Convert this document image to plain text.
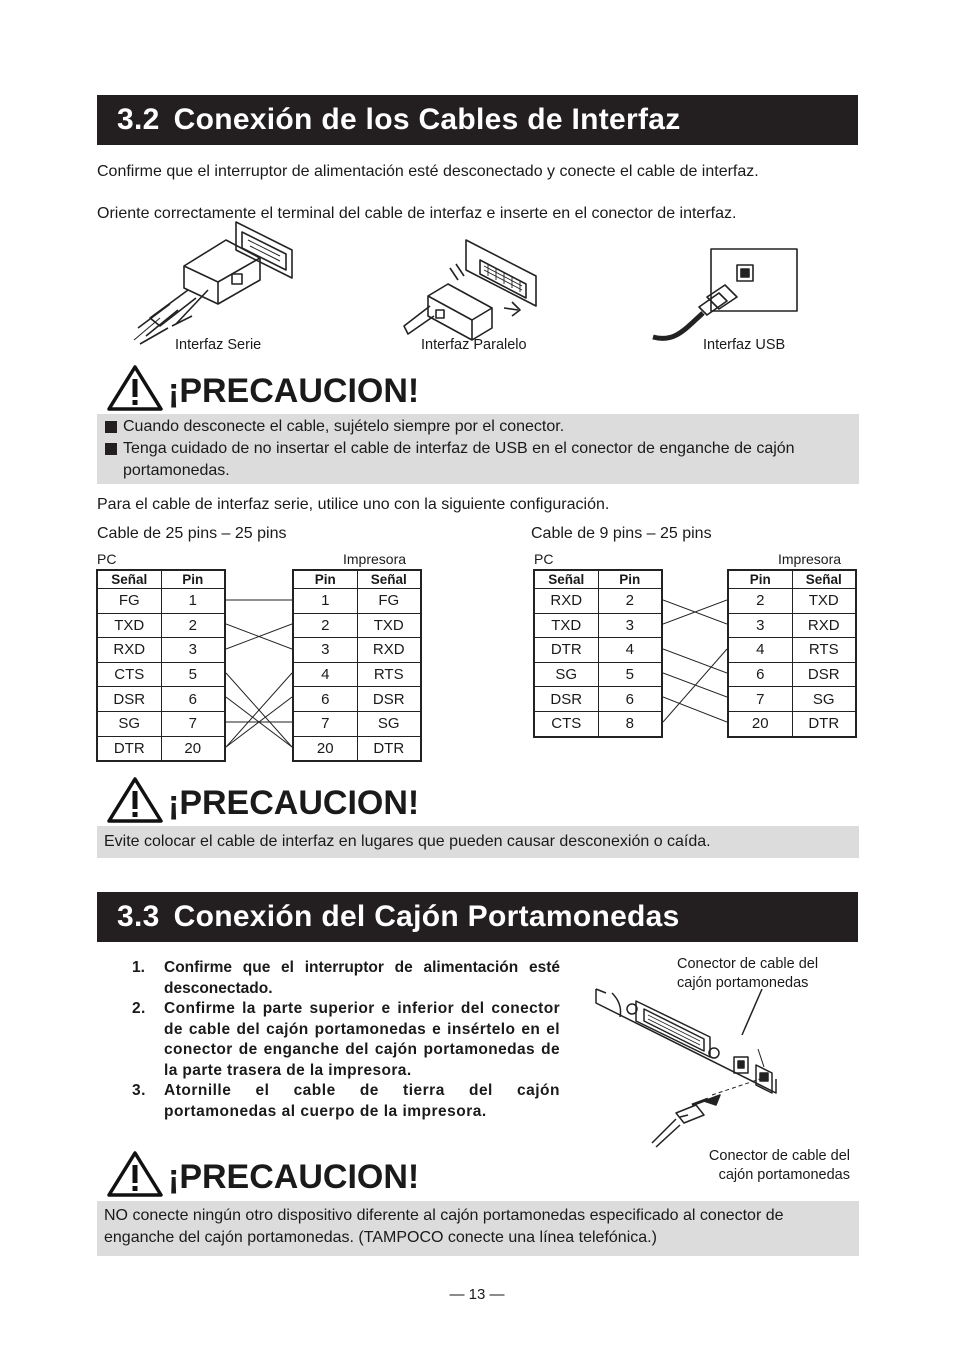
3.2 Conexión de los Cables de Interfaz
Confirme que el interruptor de alimentación esté desconectado y conecte el cable de interfaz.
Oriente correctamente el terminal del cable de interfaz e inserte en el conector de interfaz.
Interfaz Serie	Interfaz Paralelo	Interfaz USB
¡PRECAUCION!
Cuando desconecte el cable, sujételo siempre por el conector.
Tenga cuidado de no insertar el cable de interfaz de USB en el conector de enganche de cajón portamonedas.
Para el cable de interfaz serie, utilice uno con la siguiente configuración.
Cable de 25 pins – 25 pins
PC	Impresora
Señal	Pin
FG	1
TXD	2
RXD	3
CTS	5
DSR	6
SG	7
DTR	20
Pin	Señal
1	FG
2	TXD
3	RXD
4	RTS
6	DSR
7	SG
20	DTR
Cable de 9 pins – 25 pins
PC	Impresora
Señal	Pin
RXD	2
TXD	3
DTR	4
SG	5
DSR	6
CTS	8
Pin	Señal
2	TXD
3	RXD
4	RTS
6	DSR
7	SG
20	DTR
¡PRECAUCION!
Evite colocar el cable de interfaz en lugares que pueden causar desconexión o caída.
3.3 Conexión del Cajón Portamonedas
1. Confirme que el interruptor de alimentación esté desconectado.
2. Confirme la parte superior e inferior del conector de cable del cajón portamonedas e insértelo en el conector de enganche del cajón portamonedas de la parte trasera de la impresora.
3. Atornille el cable de tierra del cajón portamonedas al cuerpo de la impresora.
Conector de cable del
cajón portamonedas
Conector de cable del
cajón portamonedas
¡PRECAUCION!
NO conecte ningún otro dispositivo diferente al cajón portamonedas especificado al conector de enganche del cajón portamonedas. (TAMPOCO conecte una línea telefónica.)
— 13 —
